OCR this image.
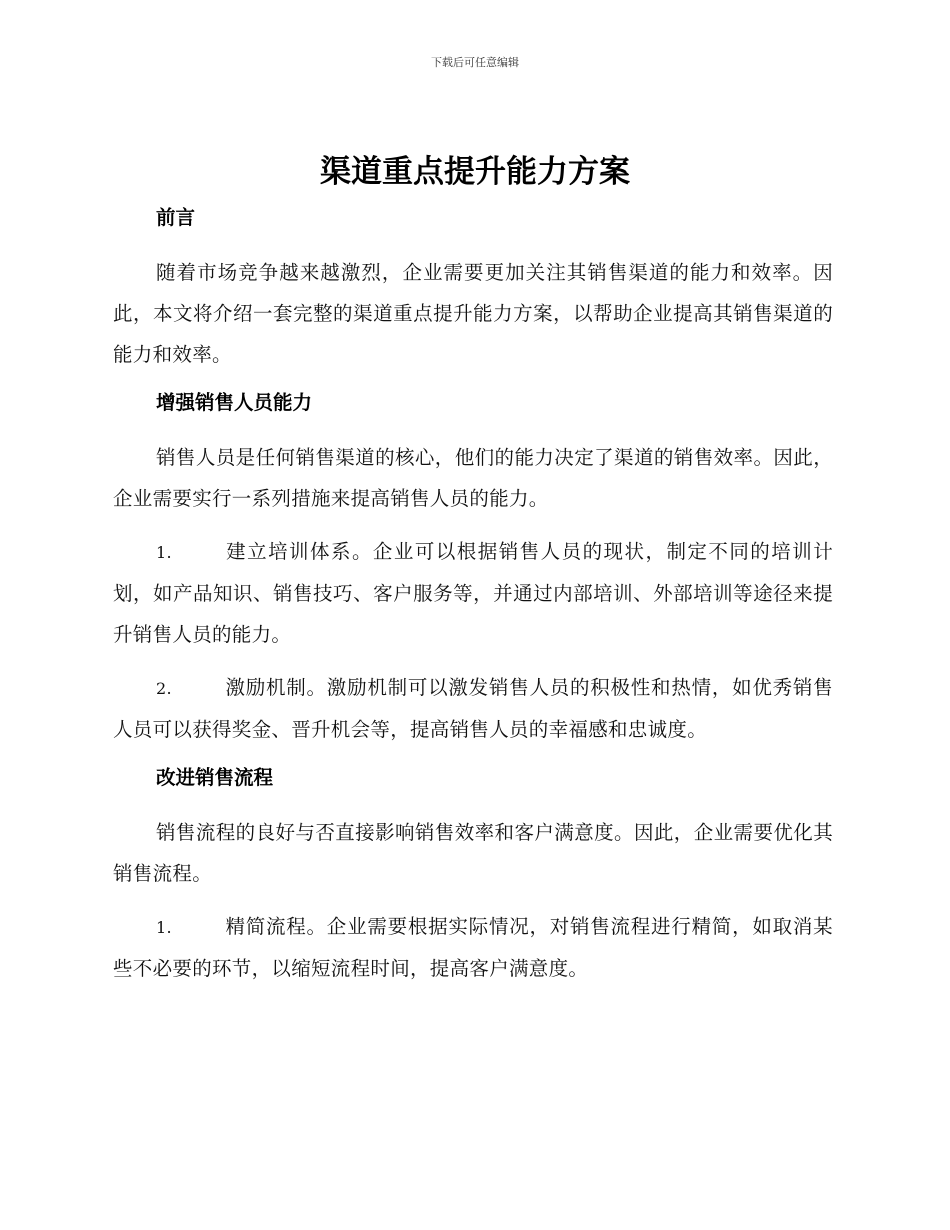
下载后可任意编辑
渠道重点提升能力方案
前言

随着市场竞争越来越激烈，企业需要更加关注其销售渠道的能力和效率。因此，本文将介绍一套完整的渠道重点提升能力方案，以帮助企业提高其销售渠道的能力和效率。

增强销售人员能力

销售人员是任何销售渠道的核心，他们的能力决定了渠道的销售效率。因此，企业需要实行一系列措施来提高销售人员的能力。

1.	建立培训体系。企业可以根据销售人员的现状，制定不同的培训计划，如产品知识、销售技巧、客户服务等，并通过内部培训、外部培训等途径来提升销售人员的能力。

2.	激励机制。激励机制可以激发销售人员的积极性和热情，如优秀销售人员可以获得奖金、晋升机会等，提高销售人员的幸福感和忠诚度。

改进销售流程

销售流程的良好与否直接影响销售效率和客户满意度。因此，企业需要优化其销售流程。

1.	精简流程。企业需要根据实际情况，对销售流程进行精简，如取消某些不必要的环节，以缩短流程时间，提高客户满意度。
